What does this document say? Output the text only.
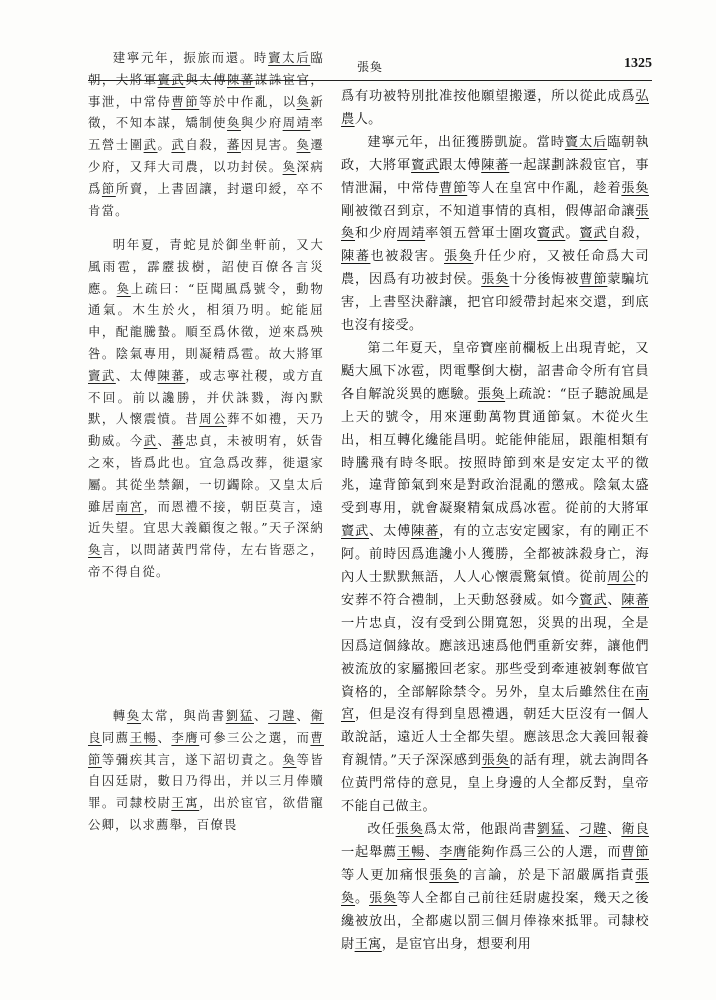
張奐	1325

建寧元年，振旅而還。時竇太后臨朝，大將軍竇武與太傅陳蕃謀誅宦官，事泄，中常侍曹節等於中作亂，以奐新徵，不知本謀，矯制使奐與少府周靖率五營士圍武。武自殺，蕃因見害。奐遷少府，又拜大司農，以功封侯。奐深病爲節所賣，上書固讓，封還印綬，卒不肯當。

明年夏，青蛇見於御坐軒前，又大風雨雹，霹靂拔樹，詔使百僚各言災應。奐上疏曰：“臣聞風爲號令，動物通氣。木生於火，相須乃明。蛇能屈申，配龍騰蟄。順至爲休徵，逆來爲殃咎。陰氣專用，則凝精爲雹。故大將軍竇武、太傅陳蕃，或志寧社稷，或方直不回。前以讒勝，并伏誅戮，海內默默，人懷震憤。昔周公葬不如禮，天乃動威。今武、蕃忠貞，未被明宥，妖眚之來，皆爲此也。宜急爲改葬，徙還家屬。其從坐禁錮，一切蠲除。又皇太后雖居南宮，而恩禮不接，朝臣莫言，遠近失望。宜思大義顧復之報。”天子深納奐言，以問諸黃門常侍，左右皆惡之，帝不得自從。

轉奐太常，與尚書劉猛、刁韙、衛良同薦王暢、李膺可參三公之選，而曹節等彌疾其言，遂下詔切責之。奐等皆自囚廷尉，數日乃得出，并以三月俸贖罪。司隸校尉王寓，出於宦官，欲借寵公卿，以求薦舉，百僚畏

爲有功被特別批准按他願望搬遷，所以從此成爲弘農人。

建寧元年，出征獲勝凱旋。當時竇太后臨朝執政，大將軍竇武跟太傅陳蕃一起謀劃誅殺宦官，事情泄漏，中常侍曹節等人在皇宮中作亂，趁着張奐剛被徵召到京，不知道事情的真相，假傳詔命讓張奐和少府周靖率領五營軍士圍攻竇武。竇武自殺，陳蕃也被殺害。張奐升任少府，又被任命爲大司農，因爲有功被封侯。張奐十分後悔被曹節蒙騙坑害，上書堅決辭讓，把官印綬帶封起來交還，到底也沒有接受。

第二年夏天，皇帝寶座前欄板上出現青蛇，又颳大風下冰雹，閃電擊倒大樹，詔書命令所有官員各自解說災異的應驗。張奐上疏說：“臣子聽說風是上天的號令，用來運動萬物貫通節氣。木從火生出，相互轉化纔能昌明。蛇能伸能屈，跟龍相類有時騰飛有時冬眠。按照時節到來是安定太平的徵兆，違背節氣到來是對政治混亂的懲戒。陰氣太盛受到專用，就會凝聚精氣成爲冰雹。從前的大將軍竇武、太傅陳蕃，有的立志安定國家，有的剛正不阿。前時因爲進讒小人獲勝，全都被誅殺身亡，海內人士默默無語，人人心懷震驚氣憤。從前周公的安葬不符合禮制，上天動怒發威。如今竇武、陳蕃一片忠貞，沒有受到公開寬恕，災異的出現，全是因爲這個緣故。應該迅速爲他們重新安葬，讓他們被流放的家屬搬回老家。那些受到牽連被剝奪做官資格的，全部解除禁令。另外，皇太后雖然住在南宮，但是沒有得到皇恩禮遇，朝廷大臣沒有一個人敢說話，遠近人士全都失望。應該思念大義回報養育親情。”天子深深感到張奐的話有理，就去詢問各位黃門常侍的意見，皇上身邊的人全都反對，皇帝不能自己做主。

改任張奐爲太常，他跟尚書劉猛、刁韙、衛良一起舉薦王暢、李膺能夠作爲三公的人選，而曹節等人更加痛恨張奐的言論，於是下詔嚴厲指責張奐。張奐等人全都自己前往廷尉處投案，幾天之後纔被放出，全都處以罰三個月俸祿來抵罪。司隸校尉王寓，是宦官出身，想要利用
